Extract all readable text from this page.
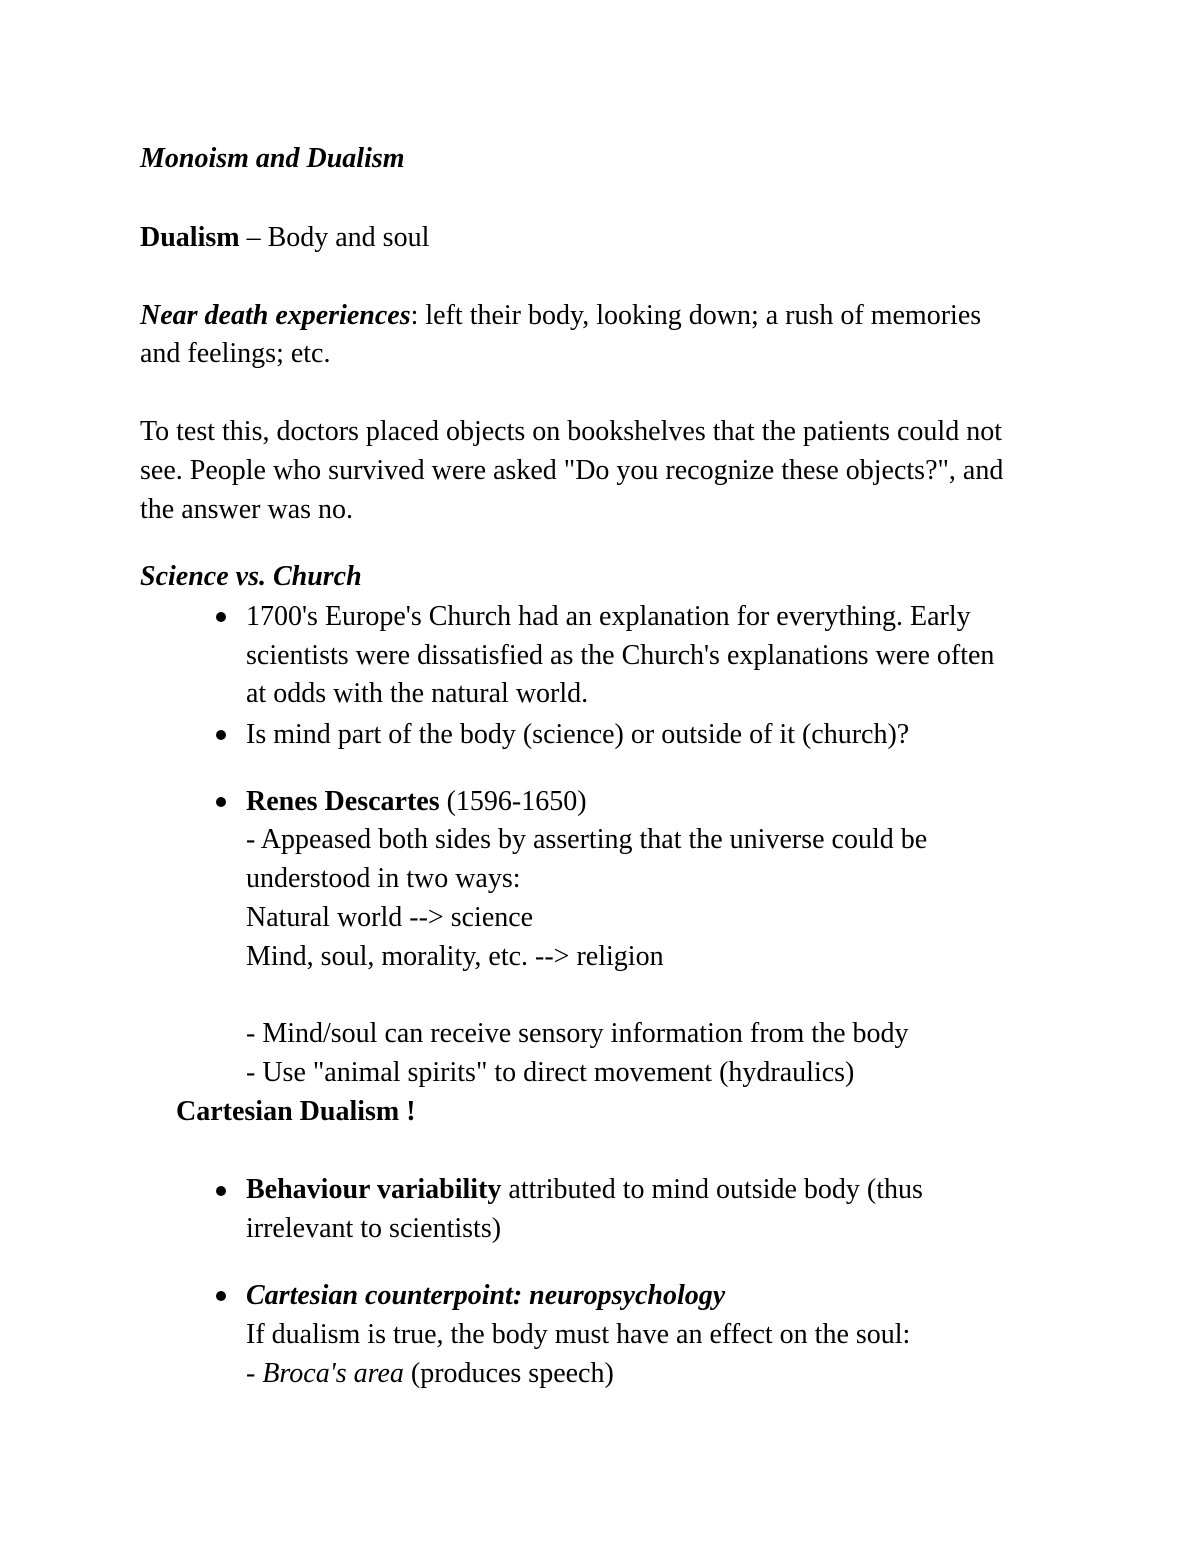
Monoism and Dualism
Dualism – Body and soul
Near death experiences: left their body, looking down; a rush of memories
and feelings; etc.
To test this, doctors placed objects on bookshelves that the patients could not
see. People who survived were asked "Do you recognize these objects?", and
the answer was no.
Science vs. Church
1700's Europe's Church had an explanation for everything. Early
scientists were dissatisfied as the Church's explanations were often
at odds with the natural world.
Is mind part of the body (science) or outside of it (church)?
Renes Descartes (1596-1650)
- Appeased both sides by asserting that the universe could be
understood in two ways:
Natural world --> science
Mind, soul, morality, etc. --> religion
- Mind/soul can receive sensory information from the body
- Use "animal spirits" to direct movement (hydraulics)
Cartesian Dualism !
Behaviour variability attributed to mind outside body (thus
irrelevant to scientists)
Cartesian counterpoint: neuropsychology
If dualism is true, the body must have an effect on the soul:
- Broca's area (produces speech)
